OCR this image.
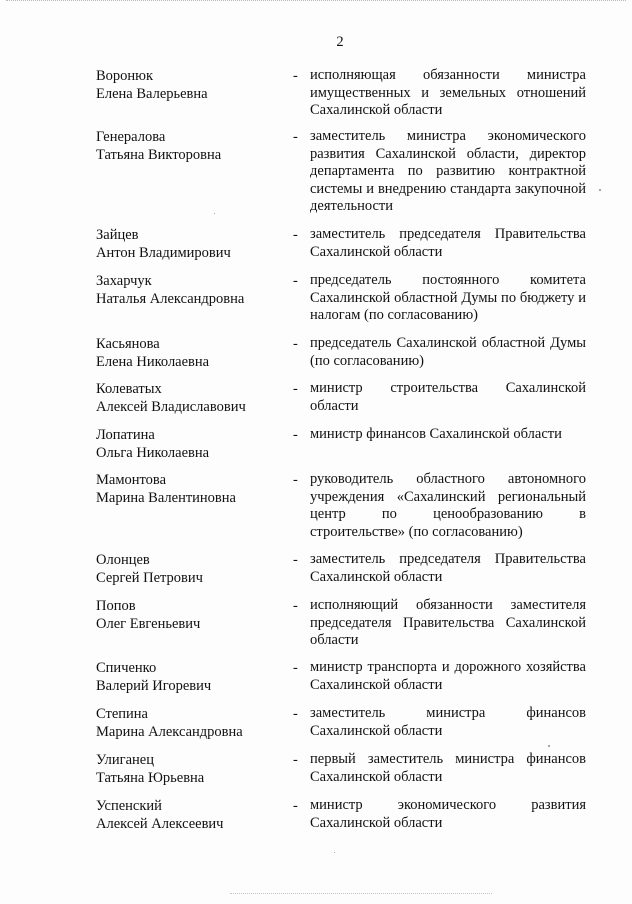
2
Воронюк
Елена Валерьевна
- исполняющая обязанности министра имущественных и земельных отношений Сахалинской области
Генералова
Татьяна Викторовна
- заместитель министра экономического развития Сахалинской области, директор департамента по развитию контрактной системы и внедрению стандарта закупочной деятельности
Зайцев
Антон Владимирович
- заместитель председателя Правительства Сахалинской области
Захарчук
Наталья Александровна
- председатель постоянного комитета Сахалинской областной Думы по бюджету и налогам (по согласованию)
Касьянова
Елена Николаевна
- председатель Сахалинской областной Думы (по согласованию)
Колеватых
Алексей Владиславович
- министр строительства Сахалинской области
Лопатина
Ольга Николаевна
- министр финансов Сахалинской области
Мамонтова
Марина Валентиновна
- руководитель областного автономного учреждения «Сахалинский региональный центр по ценообразованию в строительстве» (по согласованию)
Олонцев
Сергей Петрович
- заместитель председателя Правительства Сахалинской области
Попов
Олег Евгеньевич
- исполняющий обязанности заместителя председателя Правительства Сахалинской области
Спиченко
Валерий Игоревич
- министр транспорта и дорожного хозяйства Сахалинской области
Степина
Марина Александровна
- заместитель министра финансов Сахалинской области
Улиганец
Татьяна Юрьевна
- первый заместитель министра финансов Сахалинской области
Успенский
Алексей Алексеевич
- министр экономического развития Сахалинской области
